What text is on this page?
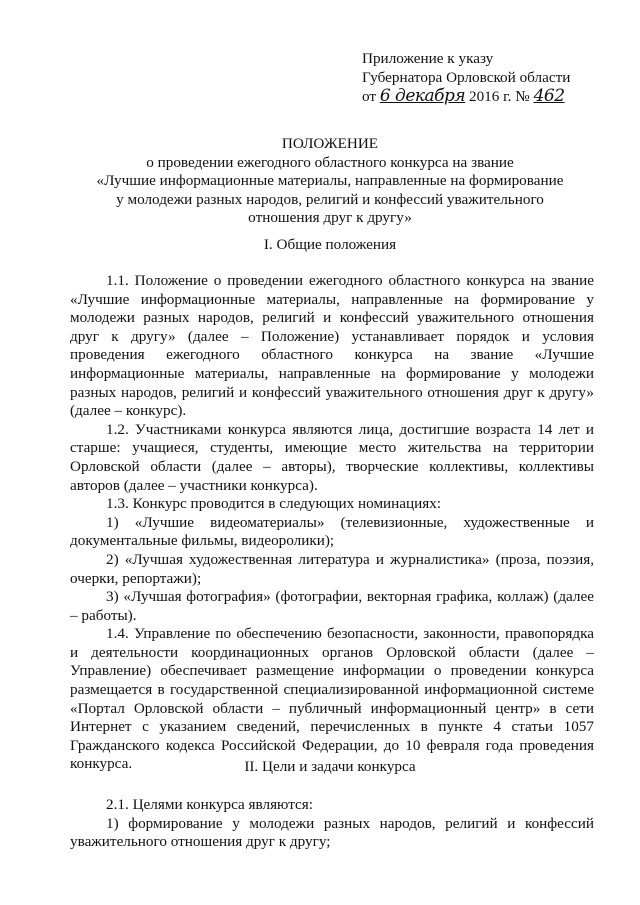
Приложение к указу
Губернатора Орловской области
от 6 декабря 2016 г. № 462
ПОЛОЖЕНИЕ
о проведении ежегодного областного конкурса на звание
«Лучшие информационные материалы, направленные на формирование
у молодежи разных народов, религий и конфессий уважительного
отношения друг к другу»
I. Общие положения

1.1. Положение о проведении ежегодного областного конкурса на звание «Лучшие информационные материалы, направленные на формирование у молодежи разных народов, религий и конфессий уважительного отношения друг к другу» (далее – Положение) устанавливает порядок и условия проведения ежегодного областного конкурса на звание «Лучшие информационные материалы, направленные на формирование у молодежи разных народов, религий и конфессий уважительного отношения друг к другу» (далее – конкурс).

1.2. Участниками конкурса являются лица, достигшие возраста 14 лет и старше: учащиеся, студенты, имеющие место жительства на территории Орловской области (далее – авторы), творческие коллективы, коллективы авторов (далее – участники конкурса).

1.3. Конкурс проводится в следующих номинациях:

1) «Лучшие видеоматериалы» (телевизионные, художественные и документальные фильмы, видеоролики);

2) «Лучшая художественная литература и журналистика» (проза, поэзия, очерки, репортажи);

3) «Лучшая фотография» (фотографии, векторная графика, коллаж) (далее – работы).

1.4. Управление по обеспечению безопасности, законности, правопорядка и деятельности координационных органов Орловской области (далее – Управление) обеспечивает размещение информации о проведении конкурса размещается в государственной специализированной информационной системе «Портал Орловской области – публичный информационный центр» в сети Интернет с указанием сведений, перечисленных в пункте 4 статьи 1057 Гражданского кодекса Российской Федерации, до 10 февраля года проведения конкурса.	II. Цели и задачи конкурса

2.1. Целями конкурса являются:

1) формирование у молодежи разных народов, религий и конфессий уважительного отношения друг к другу;
